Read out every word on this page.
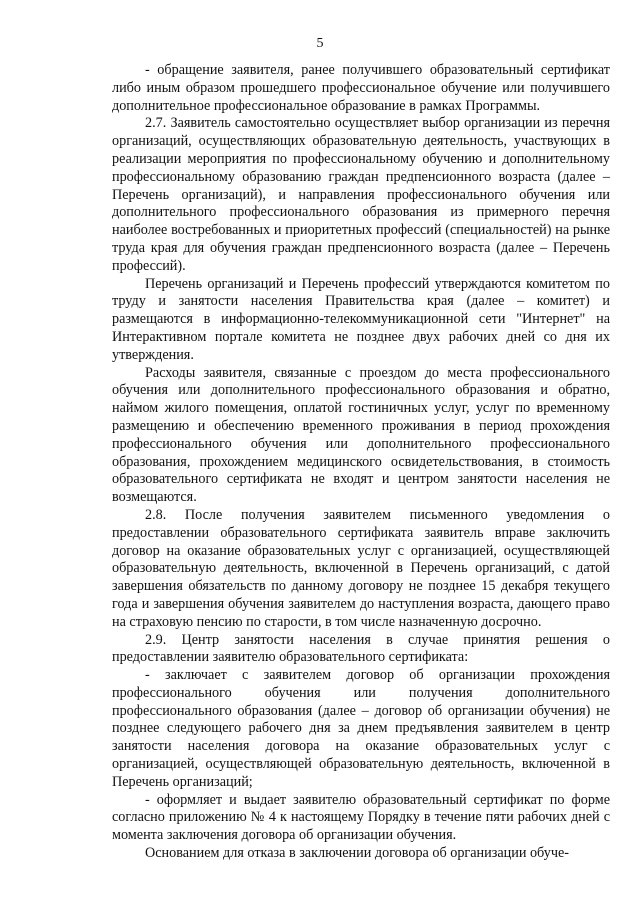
5

- обращение заявителя, ранее получившего образовательный сертификат либо иным образом прошедшего профессиональное обучение или получившего дополнительное профессиональное образование в рамках Программы.

2.7. Заявитель самостоятельно осуществляет выбор организации из перечня организаций, осуществляющих образовательную деятельность, участвующих в реализации мероприятия по профессиональному обучению и дополнительному профессиональному образованию граждан предпенсионного возраста (далее – Перечень организаций), и направления профессионального обучения или дополнительного профессионального образования из примерного перечня наиболее востребованных и приоритетных профессий (специальностей) на рынке труда края для обучения граждан предпенсионного возраста (далее – Перечень профессий).

Перечень организаций и Перечень профессий утверждаются комитетом по труду и занятости населения Правительства края (далее – комитет) и размещаются в информационно-телекоммуникационной сети "Интернет" на Интерактивном портале комитета не позднее двух рабочих дней со дня их утверждения.

Расходы заявителя, связанные с проездом до места профессионального обучения или дополнительного профессионального образования и обратно, наймом жилого помещения, оплатой гостиничных услуг, услуг по временному размещению и обеспечению временного проживания в период прохождения профессионального обучения или дополнительного профессионального образования, прохождением медицинского освидетельствования, в стоимость образовательного сертификата не входят и центром занятости населения не возмещаются.

2.8. После получения заявителем письменного уведомления о предоставлении образовательного сертификата заявитель вправе заключить договор на оказание образовательных услуг с организацией, осуществляющей образовательную деятельность, включенной в Перечень организаций, с датой завершения обязательств по данному договору не позднее 15 декабря текущего года и завершения обучения заявителем до наступления возраста, дающего право на страховую пенсию по старости, в том числе назначенную досрочно.

2.9. Центр занятости населения в случае принятия решения о предоставлении заявителю образовательного сертификата:

- заключает с заявителем договор об организации прохождения профессионального обучения или получения дополнительного профессионального образования (далее – договор об организации обучения) не позднее следующего рабочего дня за днем предъявления заявителем в центр занятости населения договора на оказание образовательных услуг с организацией, осуществляющей образовательную деятельность, включенной в Перечень организаций;

- оформляет и выдает заявителю образовательный сертификат по форме согласно приложению № 4 к настоящему Порядку в течение пяти рабочих дней с момента заключения договора об организации обучения.

Основанием для отказа в заключении договора об организации обуче-
